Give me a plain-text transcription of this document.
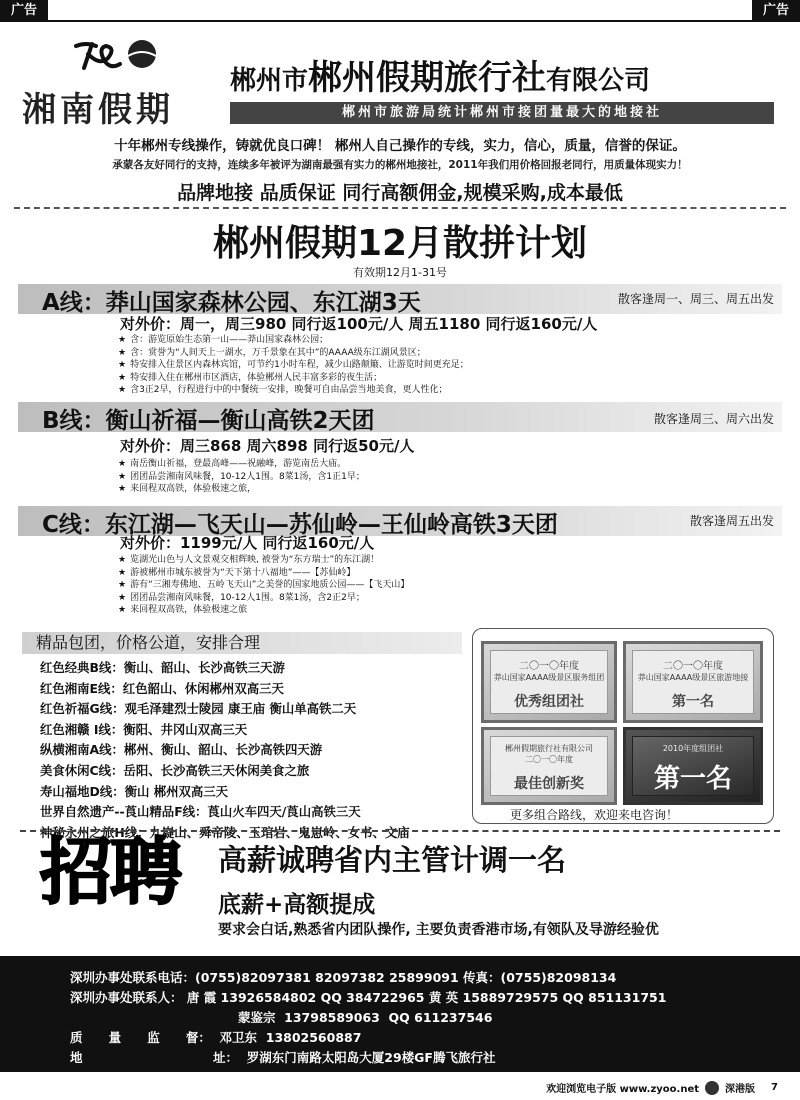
广告	广告
湘南假期
郴州市郴州假期旅行社有限公司
郴州市旅游局统计郴州市接团量最大的地接社
十年郴州专线操作，铸就优良口碑！ 郴州人自己操作的专线，实力，信心，质量，信誉的保证。
承蒙各友好同行的支持，连续多年被评为湖南最强有实力的郴州地接社，2011年我们用价格回报老同行，用质量体现实力！
品牌地接 品质保证 同行高额佣金,规模采购,成本最低
郴州假期12月散拼计划
有效期12月1-31号
A线：莽山国家森林公园、东江湖3天	散客逢周一、周三、周五出发
对外价：周一，周三980 同行返100元/人 周五1180 同行返160元/人
★ 含：游览原始生态第一山——莽山国家森林公园；
★ 含：赏誉为“人间天上一湖水，万千景象在其中”的AAAA级东江湖风景区；
★ 特安排入住景区内森林宾馆，可节约1小时车程，减少山路颠簸、让游览时间更充足；
★ 特安排入住在郴州市区酒店，体验郴州人民丰富多彩的夜生活；
★ 含3正2早，行程进行中的中餐统一安排，晚餐可自由品尝当地美食，更人性化；
B线：衡山祈福—衡山高铁2天团	散客逢周三、周六出发
对外价：周三868 周六898 同行返50元/人
★ 南岳衡山祈福，登最高峰——祝融峰，游览南岳大庙。
★ 团团品尝湘南风味餐，10-12人1围。8菜1汤，含1正1早；
★ 来回程双高铁，体验极速之旅，
C线：东江湖—飞天山—苏仙岭—王仙岭高铁3天团	散客逢周五出发
对外价：1199元/人 同行返160元/人
★ 览湖光山色与人文景观交相辉映, 被誉为“东方瑞士”的东江湖！
★ 游被郴州市城东被誉为“天下第十八福地”——【苏仙岭】
★ 游有“三湘寿佛地、五岭飞天山”之美誉的国家地质公园——【飞天山】
★ 团团品尝湘南风味餐，10-12人1围。8菜1汤，含2正2早；
★ 来回程双高铁，体验极速之旅
精品包团，价格公道，安排合理
红色经典B线：衡山、韶山、长沙高铁三天游
红色湘南E线：红色韶山、休闲郴州双高三天
红色祈福G线：观毛泽建烈士陵园 康王庙 衡山单高铁二天
红色湘赣 I线：衡阳、井冈山双高三天
纵横湘南A线：郴州、衡山、韶山、长沙高铁四天游
美食休闲C线：岳阳、长沙高铁三天休闲美食之旅
寿山福地D线：衡山 郴州双高三天
世界自然遗产--莨山精品F线：莨山火车四天/莨山高铁三天
神秘永州之旅H线：九嶷山、舜帝陵、玉琯岩、鬼崽岭、女书、文庙
二〇一〇年度
莽山国家AAAA级景区服务组团
优秀组团社
二〇一〇年度
莽山国家AAAA级景区旅游地接
第一名
郴州假期旅行社有限公司
二〇一〇年度
最佳创新奖
2010年度组团社
第一名
更多组合路线，欢迎来电咨询！
招聘 高薪诚聘省内主管计调一名
底薪+高额提成
要求会白话,熟悉省内团队操作, 主要负责香港市场,有领队及导游经验优
深圳办事处联系电话：(0755)82097381 82097382 25899091 传真：(0755)82098134
深圳办事处联系人： 唐 霞 13926584802 QQ 384722965 黄 英 15889729575 QQ 851131751
蒙鉴宗  13798589063  QQ 611237546
质      量      监      督：  邓卫东  13802560887
地                              址：  罗湖东门南路太阳岛大厦29楼GF腾飞旅行社
欢迎浏览电子版 www.zyoo.net	深港版 7
